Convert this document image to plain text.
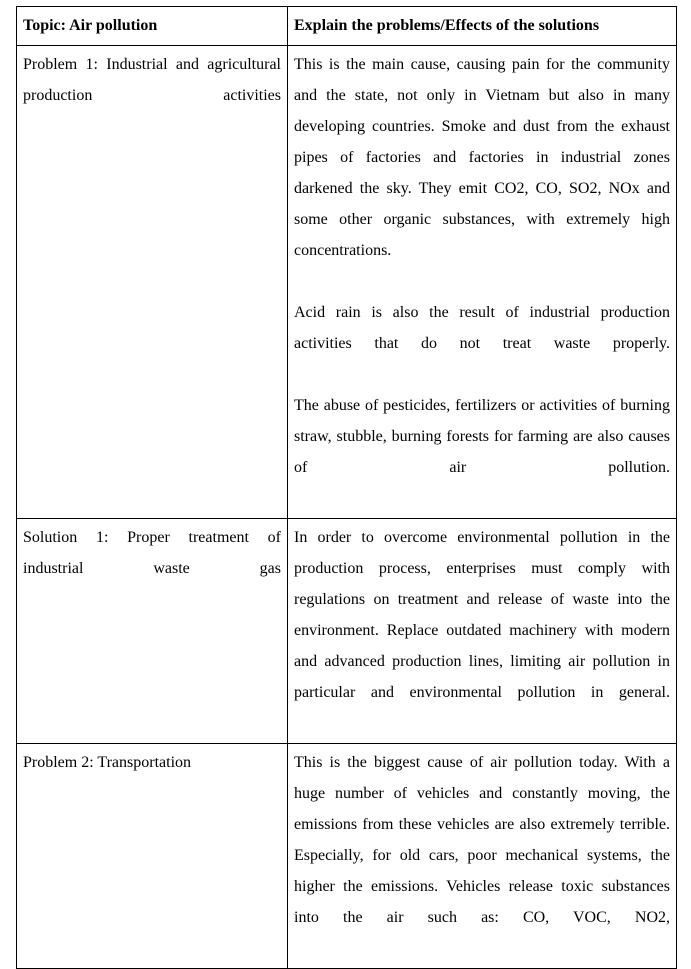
Topic: Air pollution	Explain the problems/Effects of the solutions

Problem 1: Industrial and agricultural production activities	This is the main cause, causing pain for the community and the state, not only in Vietnam but also in many developing countries. Smoke and dust from the exhaust pipes of factories and factories in industrial zones darkened the sky. They emit CO2, CO, SO2, NOx and some other organic substances, with extremely high concentrations.

Acid rain is also the result of industrial production activities that do not treat waste properly.

The abuse of pesticides, fertilizers or activities of burning straw, stubble, burning forests for farming are also causes of air pollution.

Solution 1: Proper treatment of industrial waste gas	In order to overcome environmental pollution in the production process, enterprises must comply with regulations on treatment and release of waste into the environment. Replace outdated machinery with modern and advanced production lines, limiting air pollution in particular and environmental pollution in general.

Problem 2: Transportation	This is the biggest cause of air pollution today. With a huge number of vehicles and constantly moving, the emissions from these vehicles are also extremely terrible. Especially, for old cars, poor mechanical systems, the higher the emissions. Vehicles release toxic substances into the air such as: CO, VOC, NO2,
